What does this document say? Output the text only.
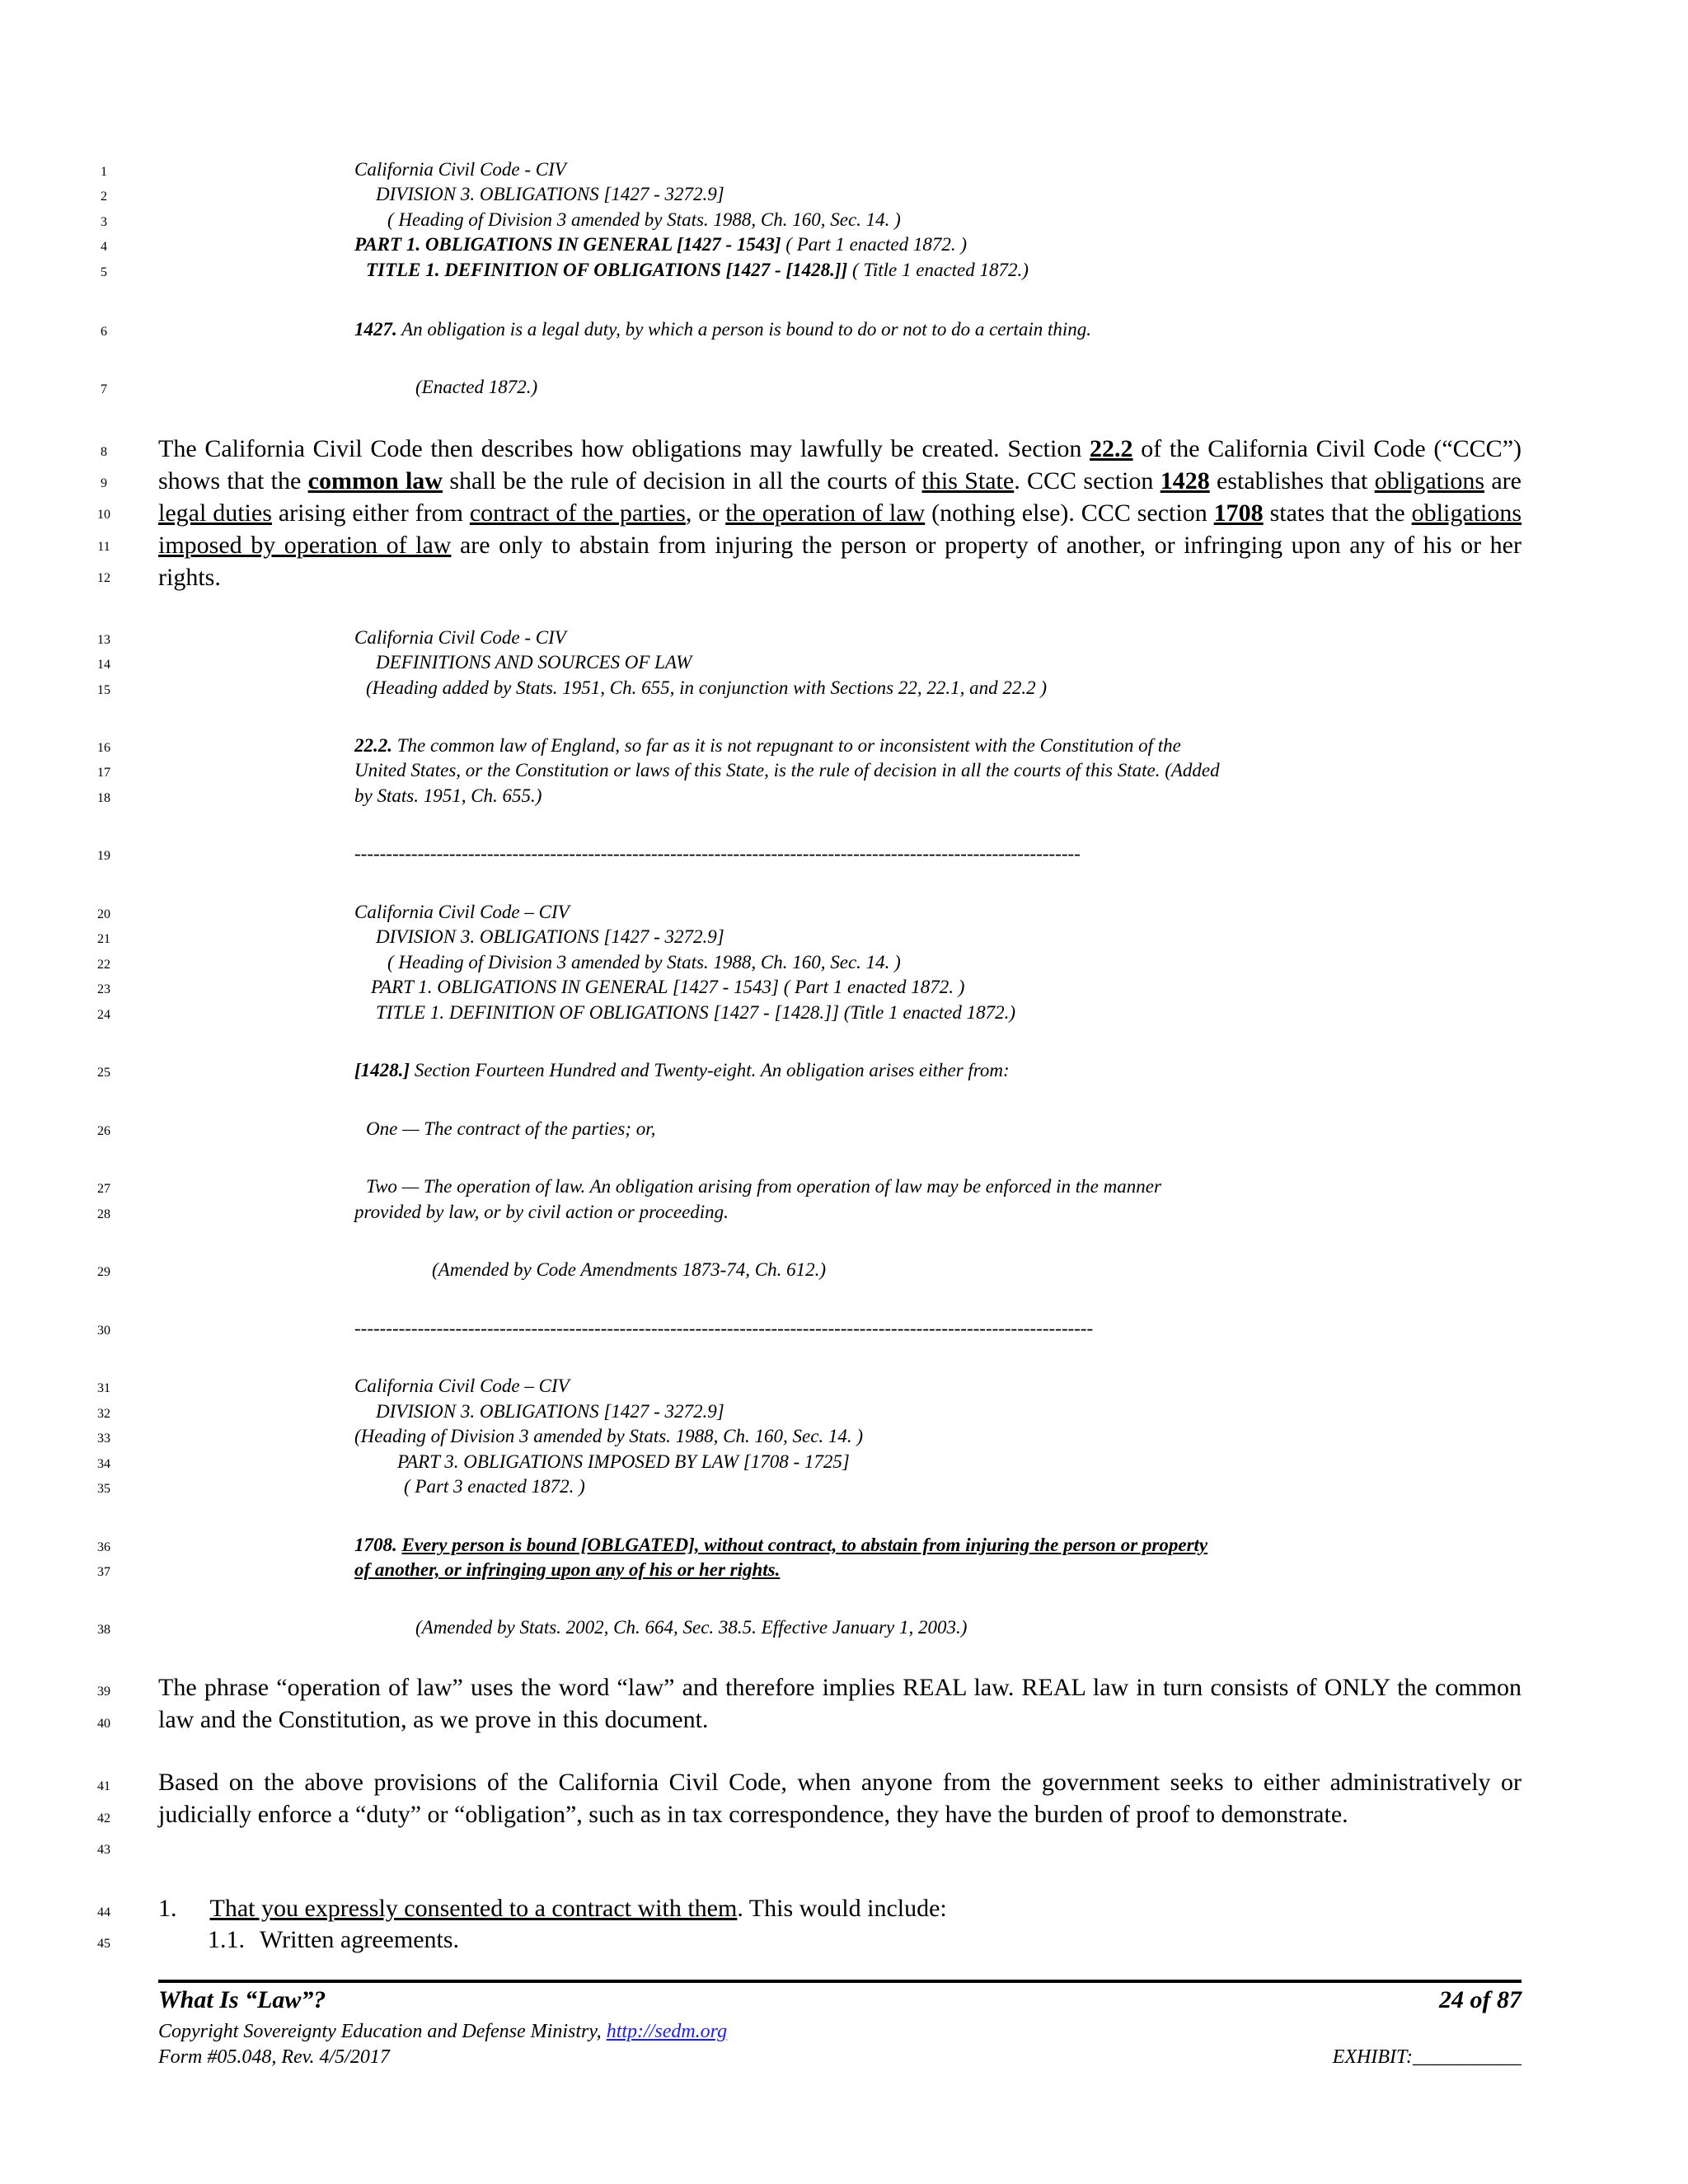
1
2
3
4
5
6
7
8
9
10
11
12
13
14
15
16
17
18
19
20
21
22
23
24
25
26
27
28
29
30
31
32
33
34
35
36
37
38
39
40
41
42
43
44
45
California Civil Code - CIV
DIVISION 3. OBLIGATIONS [1427 - 3272.9]
( Heading of Division 3 amended by Stats. 1988, Ch. 160, Sec. 14. )
PART 1. OBLIGATIONS IN GENERAL [1427 - 1543] ( Part 1 enacted 1872. )
TITLE 1. DEFINITION OF OBLIGATIONS [1427 - [1428.]] ( Title 1 enacted 1872.)
1427. An obligation is a legal duty, by which a person is bound to do or not to do a certain thing.
(Enacted 1872.)
The California Civil Code then describes how obligations may lawfully be created. Section 22.2 of the California Civil Code (“CCC”) shows that the common law shall be the rule of decision in all the courts of this State. CCC section 1428 establishes that obligations are legal duties arising either from contract of the parties, or the operation of law (nothing else). CCC section 1708 states that the obligations imposed by operation of law are only to abstain from injuring the person or property of another, or infringing upon any of his or her rights.
California Civil Code - CIV
DEFINITIONS AND SOURCES OF LAW
(Heading added by Stats. 1951, Ch. 655, in conjunction with Sections 22, 22.1, and 22.2 )
22.2. The common law of England, so far as it is not repugnant to or inconsistent with the Constitution of the
United States, or the Constitution or laws of this State, is the rule of decision in all the courts of this State. (Added
by Stats. 1951, Ch. 655.)
-------------------------------------------------------------------------------------------------------------------
California Civil Code – CIV
DIVISION 3. OBLIGATIONS [1427 - 3272.9]
( Heading of Division 3 amended by Stats. 1988, Ch. 160, Sec. 14. )
PART 1. OBLIGATIONS IN GENERAL [1427 - 1543] ( Part 1 enacted 1872. )
TITLE 1. DEFINITION OF OBLIGATIONS [1427 - [1428.]] (Title 1 enacted 1872.)
[1428.] Section Fourteen Hundred and Twenty-eight. An obligation arises either from:
One — The contract of the parties; or,
Two — The operation of law. An obligation arising from operation of law may be enforced in the manner
provided by law, or by civil action or proceeding.
(Amended by Code Amendments 1873-74, Ch. 612.)
---------------------------------------------------------------------------------------------------------------------
California Civil Code – CIV
DIVISION 3. OBLIGATIONS [1427 - 3272.9]
(Heading of Division 3 amended by Stats. 1988, Ch. 160, Sec. 14. )
PART 3. OBLIGATIONS IMPOSED BY LAW [1708 - 1725]
( Part 3 enacted 1872. )
1708. Every person is bound [OBLGATED], without contract, to abstain from injuring the person or property
of another, or infringing upon any of his or her rights.
(Amended by Stats. 2002, Ch. 664, Sec. 38.5. Effective January 1, 2003.)
The phrase “operation of law” uses the word “law” and therefore implies REAL law. REAL law in turn consists of ONLY the common law and the Constitution, as we prove in this document.
Based on the above provisions of the California Civil Code, when anyone from the government seeks to either administratively or judicially enforce a “duty” or “obligation”, such as in tax correspondence, they have the burden of proof to demonstrate.
1. That you expressly consented to a contract with them. This would include:
1.1. Written agreements.
What Is “Law”?	24 of 87
Copyright Sovereignty Education and Defense Ministry, http://sedm.org
Form #05.048, Rev. 4/5/2017	EXHIBIT:___________
